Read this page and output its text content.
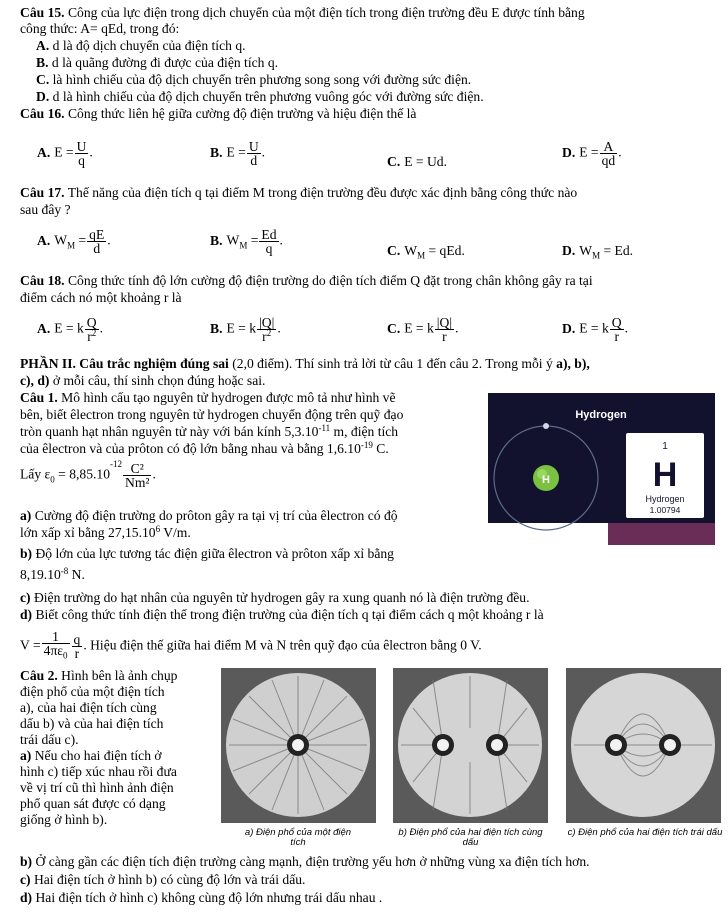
Câu 15. Công của lực điện trong dịch chuyển của một điện tích trong điện trường đều E được tính bằng
công thức: A= qEd, trong đó:
A. d là độ dịch chuyển của điện tích q.
B. d là quãng đường đi được của điện tích q.
C. là hình chiếu của độ dịch chuyển trên phương song song với đường sức điện.
D. d là hình chiếu của độ dịch chuyển trên phương vuông góc với đường sức điện.
Câu 16. Công thức liên hệ giữa cường độ điện trường và hiệu điện thế là
A. $E = \frac{U}{q}$ .	B. $E = \frac{U}{d}$ .
C. E = Ud.
D. $E = \frac{A}{qd}$ .
Câu 17. Thế năng của điện tích q tại điểm M trong điện trường đều được xác định bằng công thức nào
sau đây ?
A. $W_M = \frac{qE}{d}$ .	B. $W_M = \frac{Ed}{q}$ .
C. $W_M$ = qEd.	D. $W_M = Ed$.
Câu 18. Công thức tính độ lớn cường độ điện trường do điện tích điểm Q đặt trong chân không gây ra tại
điểm cách nó một khoảng r là
A. E = k $\frac{Q}{r^2}$ .	B. E = k $\frac{|Q|}{r^2}$ .	C. E = k $\frac{|Q|}{r}$ .	D. E = k $\frac{Q}{r}$ .
PHẦN II. Câu trắc nghiệm đúng sai (2,0 điểm). Thí sinh trả lời từ câu 1 đến câu 2. Trong mỗi ý a), b),
c), d) ở mỗi câu, thí sinh chọn đúng hoặc sai.
Câu 1. Mô hình cấu tạo nguyên tử hydrogen được mô tả như hình vẽ
bên, biết êlectron trong nguyên tử hydrogen chuyển động trên quỹ đạo
tròn quanh hạt nhân nguyên tử này với bán kính $5,3.10^{-11}$ m, điện tích
của êlectron và của prôton có độ lớn bằng nhau và bằng $1,6.10^{-19}$ C.
Lấy $\varepsilon_0 = 8,85.10^{-12} \frac{\text{C²}}{\text{Nm²}}$ .
a) Cường độ điện trường do prôton gây ra tại vị trí của êlectron có độ
lớn xấp xỉ bằng 27,15.10$^6$ V/m.
b) Độ lớn của lực tương tác điện giữa êlectron và prôton xấp xỉ bằng
$8,19.10^{-8}$ N.
c) Điện trường do hạt nhân của nguyên tử hydrogen gây ra xung quanh nó là điện trường đều.
d) Biết công thức tính điện thế trong điện trường của điện tích q tại điểm cách q một khoảng r là
$V = \frac{1}{4\pi\varepsilon_0} \frac{q}{r}$ . Hiệu điện thế giữa hai điểm M và N trên quỹ đạo của êlectron bằng 0 V.
Hydrogen
H
1
H
Hydrogen
1.00794
Câu 2. Hình bên là ảnh chụp
điện phổ của một điện tích
a), của hai điện tích cùng
dấu b) và của hai điện tích
trái dấu c).
a) Nếu cho hai điện tích ở
hình c) tiếp xúc nhau rồi đưa
về vị trí cũ thì hình ảnh điện
phổ quan sát được có dạng
giống ở hình b).
a) Điện phổ của một điện tích
b) Điện phổ của hai điện tích cùng dấu
c) Điện phổ của hai điện tích trái dấu
b) Ở càng gần các điện tích điện trường càng mạnh, điện trường yếu hơn ở những vùng xa điện tích hơn.
c) Hai điện tích ở hình b) có cùng độ lớn và trái dấu.
d) Hai điện tích ở hình c) không cùng độ lớn nhưng trái dấu nhau .
